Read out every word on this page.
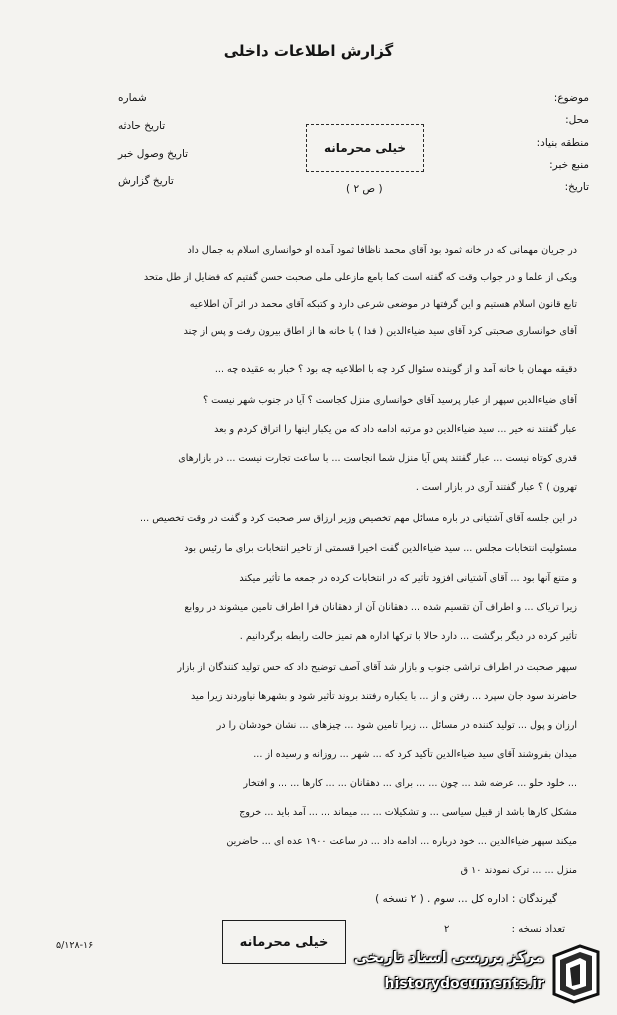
گزارش اطلاعات داخلی
موضوع:
محل:
منطقه بنیاد:
منبع خبر:
تاریخ:
شماره
تاریخ حادثه
تاریخ وصول خبر
تاریخ گزارش
خیلی محرمانه
( ص ۲ )
در جریان مهمانی که در خانه ثمود بود آقای محمد ناظافا ثمود آمده او خوانساری اسلام به جمال داد
ویکی از علما و در جواب وقت که گفته است کما بامع مازعلی ملی صحبت حسن گفتیم که فضایل از طل متحد
تابع قانون اسلام هستیم و این گرفتها در موضعی شرعی دارد و کتبکه آقای محمد در اثر آن اطلاعیه
آقای خوانساری صحبتی کرد آقای سید ضیاءالدین ( فدا ) با خانه ها از اطاق بیرون رفت و پس از چند
دقیقه مهمان با خانه آمد و از گوینده سئوال کرد چه با اطلاعیه چه بود ؟ خبار به عقیده چه ...
آقای ضیاءالدین سپهر از عبار پرسید آقای خوانساری منزل کجاست ؟ آیا در جنوب شهر نیست ؟
عبار گفتند نه خیر ... سید ضیاءالدین دو مرتبه ادامه داد که من یکبار اینها را اتراق کردم و بعد
قدری کوتاه نیست ... عبار گفتند پس آیا منزل شما انجاست ... با ساعت تجارت نیست ... در بازارهای
تهرون ) ؟ عبار گفتند آری در بازار است .
در این جلسه آقای آشتیانی در باره مسائل مهم تخصیص وزیر ارزاق سر صحبت کرد و گفت در وقت تخصیص ...
مسئولیت انتخابات مجلس ... سید ضیاءالدین گفت اخیرا قسمتی از تاخیر انتخابات برای ما رئیس بود
و متنع آنها بود ... آقای آشتیانی افزود تأثیر که در انتخابات کرده در جمعه ما تأثیر میکند
زیرا تریاک ... و اطراف آن تقسیم شده ... دهقانان آن از دهقانان فرا اطراف تامین میشوند در روابع
تأثیر کرده در دیگر برگشت ... دارد حالا با ترکها اداره هم تمیز حالت رابطه برگردانیم .
سپهر صحبت در اطراف تراشی جنوب و بازار شد آقای آصف توضیح داد که حس تولید کنندگان از بازار
حاضرند سود جان سپرد ... رفتن و از ... با یکباره رفتند بروند تأثیر شود و بشهرها نیاوردند زیرا مید
ارزان و پول ... تولید کننده در مسائل ... زیرا تامین شود ... چیزهای ... نشان خودشان را در
میدان بفروشند آقای سید ضیاءالدین تأکید کرد که ... شهر ... روزانه و رسیده از ...
... خلود حلو ... عرضه شد ... چون ... ... برای ... دهقانان ... ... کارها ... ... و افتخار
مشکل کارها باشد از قبیل سیاسی ... و تشکیلات ... ... میماند ... ... آمد باید ... خروج
میکند سپهر ضیاءالدین ... خود درباره ... ادامه داد ... در ساعت ۱۹۰۰ عده ای ... حاضرین
منزل ... ... ترک نمودند ۱۰ ق
گیرندگان : اداره کل ... سوم . ( ۲ نسخه )
تعداد نسخه :
۲
۵/۱۲۸-۱۶	خیلی محرمانه
مرکز بررسی اسناد تاریخی
historydocuments.ir
